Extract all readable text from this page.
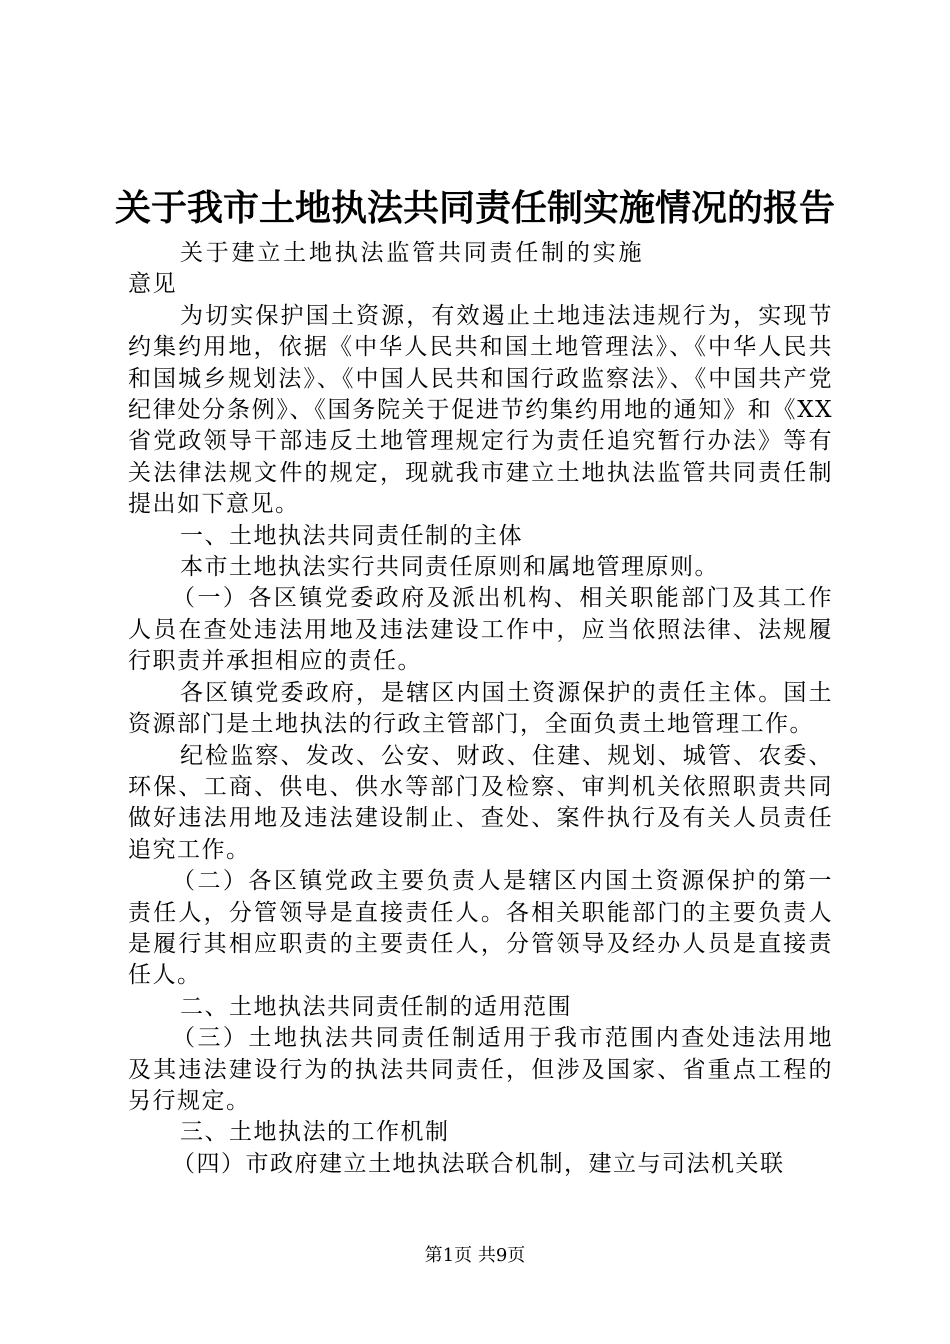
关于我市土地执法共同责任制实施情况的报告

关于建立土地执法监管共同责任制的实施意见

为切实保护国土资源，有效遏止土地违法违规行为，实现节约集约用地，依据《中华人民共和国土地管理法》、《中华人民共和国城乡规划法》、《中国人民共和国行政监察法》、《中国共产党纪律处分条例》、《国务院关于促进节约集约用地的通知》和《XX省党政领导干部违反土地管理规定行为责任追究暂行办法》等有关法律法规文件的规定，现就我市建立土地执法监管共同责任制提出如下意见。

一、土地执法共同责任制的主体

本市土地执法实行共同责任原则和属地管理原则。

（一）各区镇党委政府及派出机构、相关职能部门及其工作人员在查处违法用地及违法建设工作中，应当依照法律、法规履行职责并承担相应的责任。

各区镇党委政府，是辖区内国土资源保护的责任主体。国土资源部门是土地执法的行政主管部门，全面负责土地管理工作。

纪检监察、发改、公安、财政、住建、规划、城管、农委、环保、工商、供电、供水等部门及检察、审判机关依照职责共同做好违法用地及违法建设制止、查处、案件执行及有关人员责任追究工作。

（二）各区镇党政主要负责人是辖区内国土资源保护的第一责任人，分管领导是直接责任人。各相关职能部门的主要负责人是履行其相应职责的主要责任人，分管领导及经办人员是直接责任人。

二、土地执法共同责任制的适用范围

（三）土地执法共同责任制适用于我市范围内查处违法用地及其违法建设行为的执法共同责任，但涉及国家、省重点工程的另行规定。

三、土地执法的工作机制

（四）市政府建立土地执法联合机制，建立与司法机关联

第1页 共9页
